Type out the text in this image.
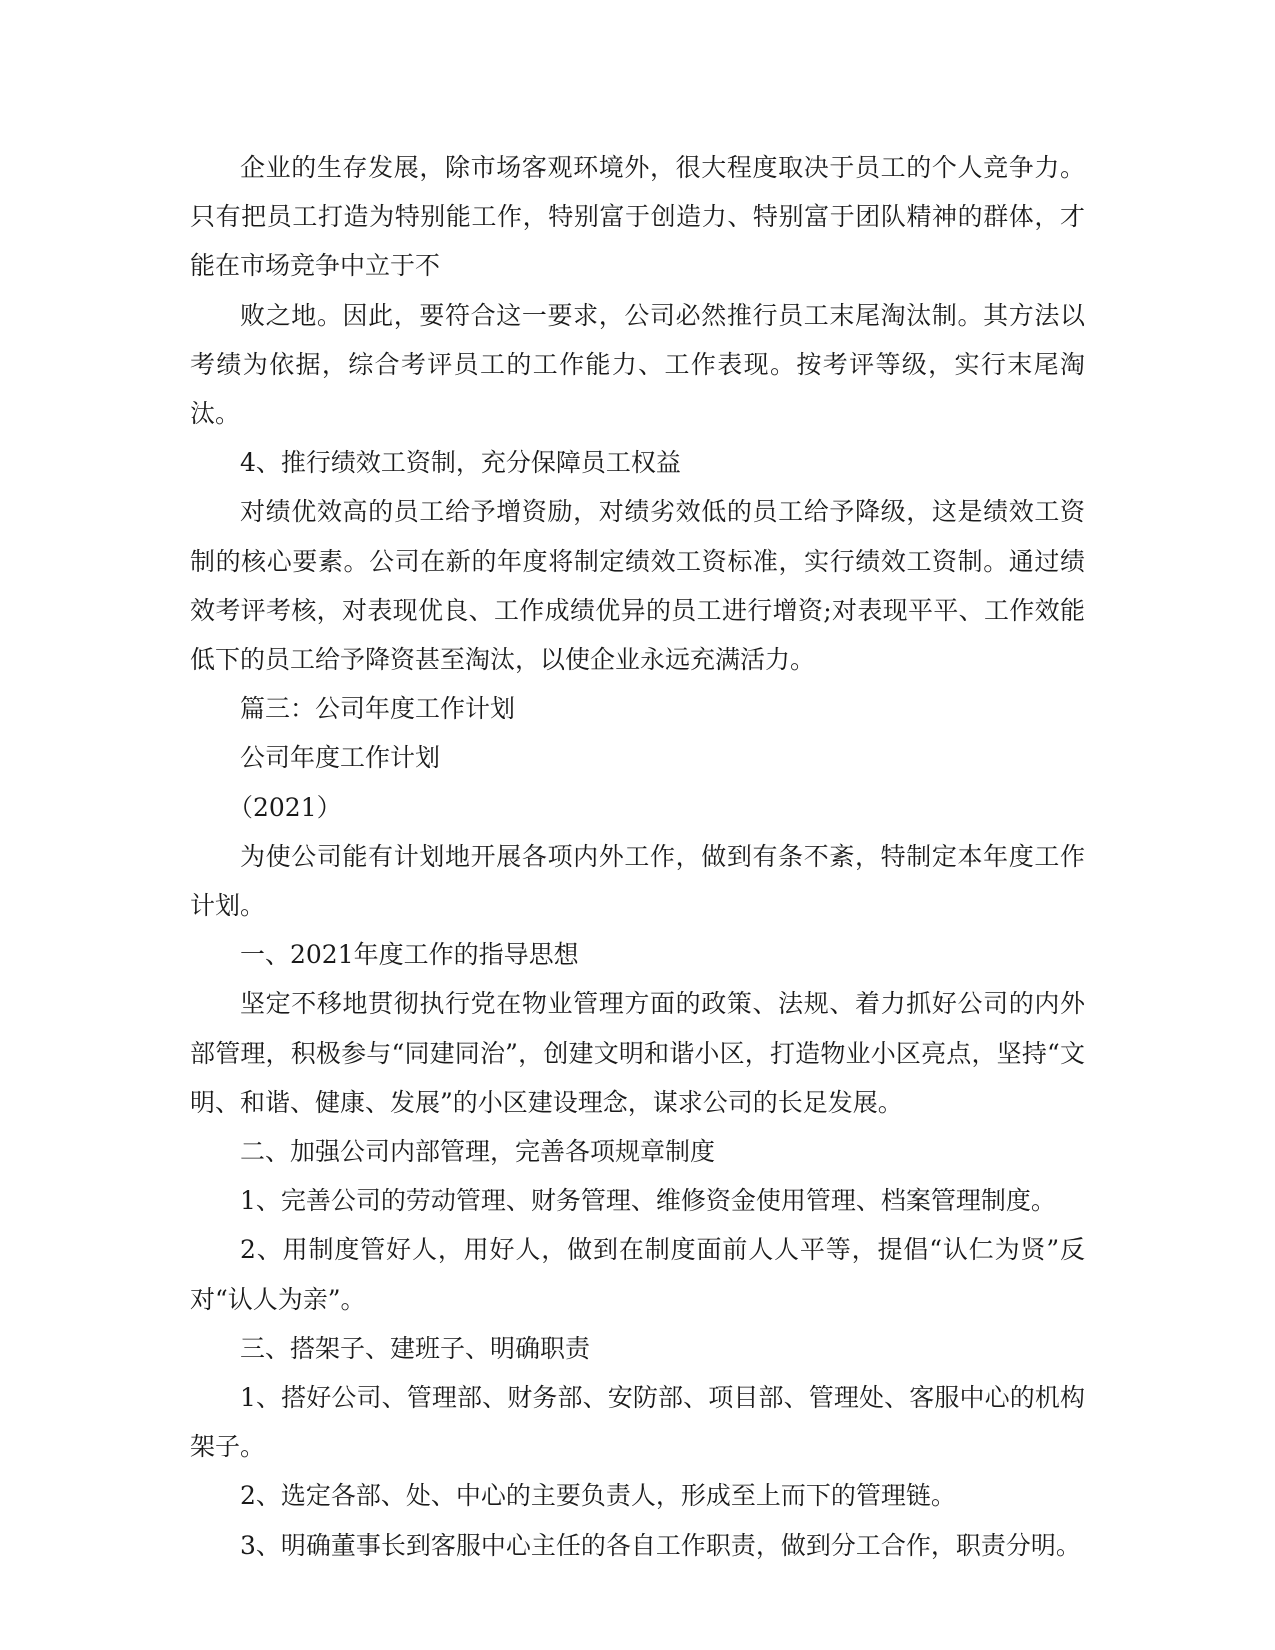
企业的生存发展，除市场客观环境外，很大程度取决于员工的个人竞争力。只有把员工打造为特别能工作，特别富于创造力、特别富于团队精神的群体，才能在市场竞争中立于不

败之地。因此，要符合这一要求，公司必然推行员工末尾淘汰制。其方法以考绩为依据，综合考评员工的工作能力、工作表现。按考评等级，实行末尾淘汰。

4、推行绩效工资制，充分保障员工权益

对绩优效高的员工给予增资励，对绩劣效低的员工给予降级，这是绩效工资制的核心要素。公司在新的年度将制定绩效工资标准，实行绩效工资制。通过绩效考评考核，对表现优良、工作成绩优异的员工进行增资;对表现平平、工作效能低下的员工给予降资甚至淘汰，以使企业永远充满活力。

篇三：公司年度工作计划

公司年度工作计划

（2021）

为使公司能有计划地开展各项内外工作，做到有条不紊，特制定本年度工作计划。

一、2021年度工作的指导思想

坚定不移地贯彻执行党在物业管理方面的政策、法规、着力抓好公司的内外部管理，积极参与“同建同治”，创建文明和谐小区，打造物业小区亮点，坚持“文明、和谐、健康、发展”的小区建设理念，谋求公司的长足发展。

二、加强公司内部管理，完善各项规章制度

1、完善公司的劳动管理、财务管理、维修资金使用管理、档案管理制度。

2、用制度管好人，用好人，做到在制度面前人人平等，提倡“认仁为贤”反对“认人为亲”。

三、搭架子、建班子、明确职责

1、搭好公司、管理部、财务部、安防部、项目部、管理处、客服中心的机构架子。

2、选定各部、处、中心的主要负责人，形成至上而下的管理链。

3、明确董事长到客服中心主任的各自工作职责，做到分工合作，职责分明。
